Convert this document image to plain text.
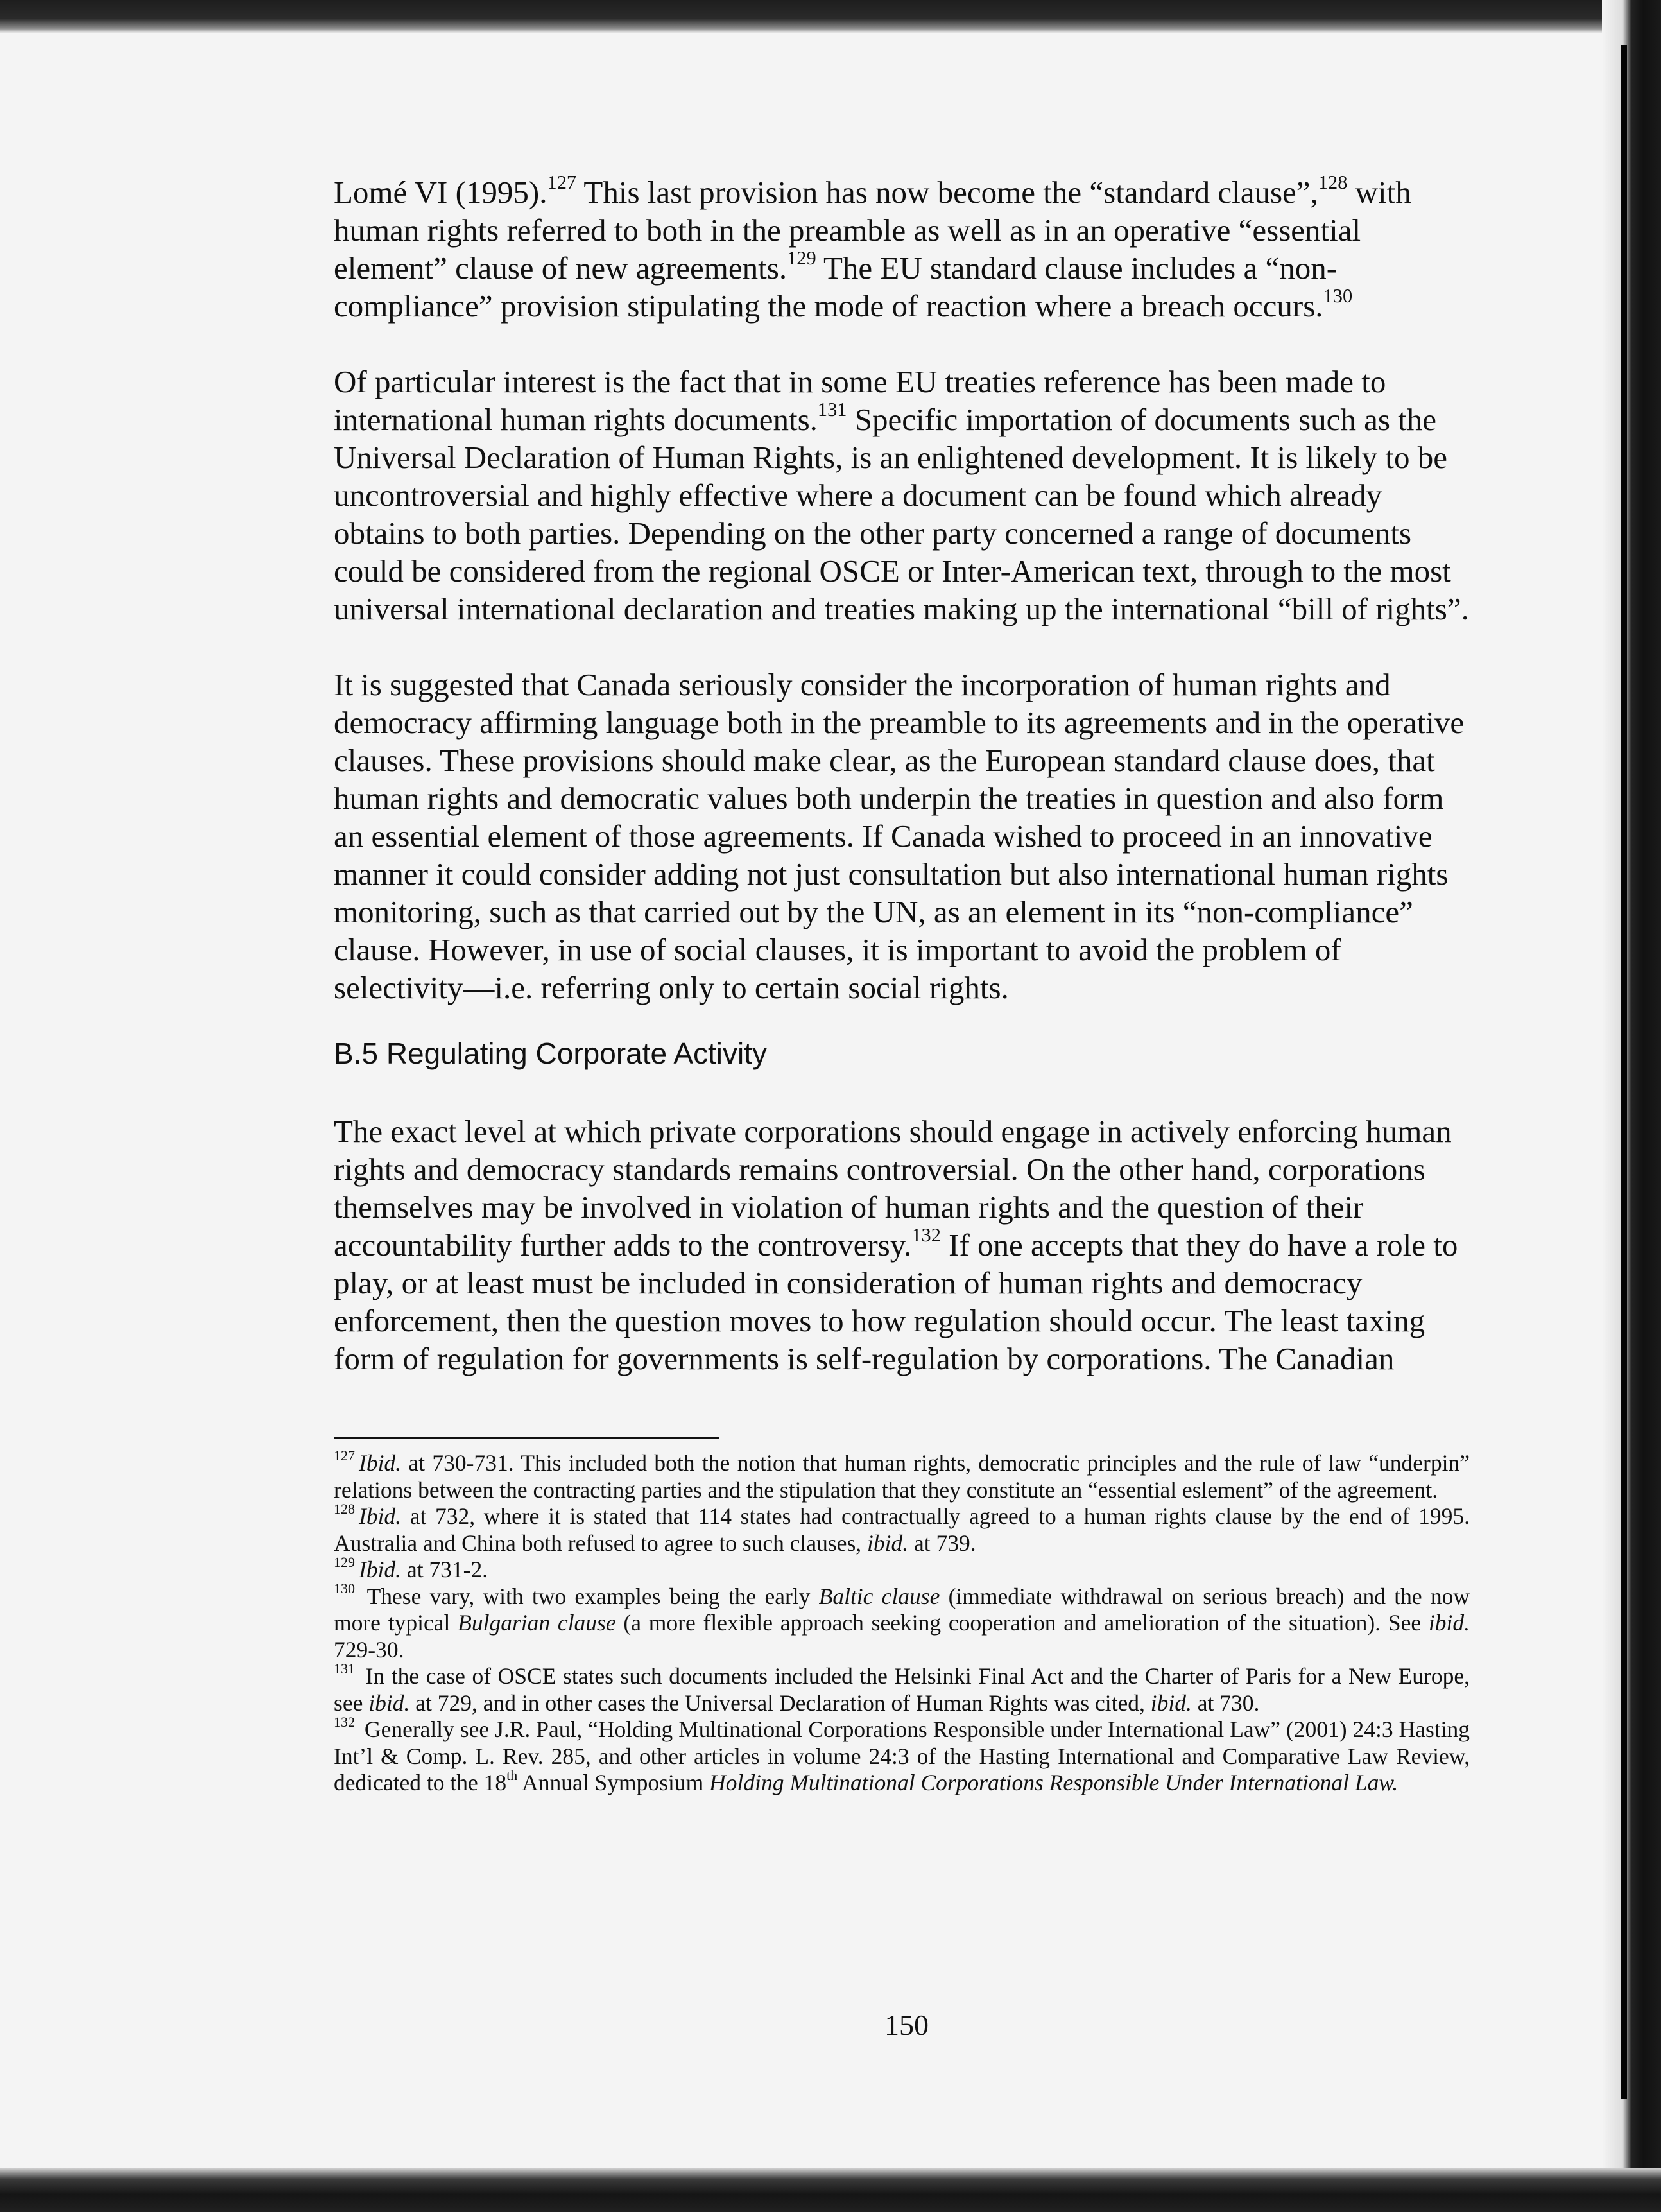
Lomé VI (1995).$^{127}$ This last provision has now become the “standard clause”,$^{128}$ with human rights referred to both in the preamble as well as in an operative “essential element” clause of new agreements.$^{129}$ The EU standard clause includes a “non-compliance” provision stipulating the mode of reaction where a breach occurs.$^{130}$

Of particular interest is the fact that in some EU treaties reference has been made to international human rights documents.$^{131}$ Specific importation of documents such as the Universal Declaration of Human Rights, is an enlightened development. It is likely to be uncontroversial and highly effective where a document can be found which already obtains to both parties. Depending on the other party concerned a range of documents could be considered from the regional OSCE or Inter-American text, through to the most universal international declaration and treaties making up the international “bill of rights”.

It is suggested that Canada seriously consider the incorporation of human rights and democracy affirming language both in the preamble to its agreements and in the operative clauses. These provisions should make clear, as the European standard clause does, that human rights and democratic values both underpin the treaties in question and also form an essential element of those agreements. If Canada wished to proceed in an innovative manner it could consider adding not just consultation but also international human rights monitoring, such as that carried out by the UN, as an element in its “non-compliance” clause. However, in use of social clauses, it is important to avoid the problem of selectivity—i.e. referring only to certain social rights.

B.5 Regulating Corporate Activity

The exact level at which private corporations should engage in actively enforcing human rights and democracy standards remains controversial. On the other hand, corporations themselves may be involved in violation of human rights and the question of their accountability further adds to the controversy.$^{132}$ If one accepts that they do have a role to play, or at least must be included in consideration of human rights and democracy enforcement, then the question moves to how regulation should occur. The least taxing form of regulation for governments is self-regulation by corporations. The Canadian

$^{127}$ Ibid. at 730-731. This included both the notion that human rights, democratic principles and the rule of law “underpin” relations between the contracting parties and the stipulation that they constitute an “essential eslement” of the agreement.

$^{128}$ Ibid. at 732, where it is stated that 114 states had contractually agreed to a human rights clause by the end of 1995. Australia and China both refused to agree to such clauses, ibid. at 739.

$^{129}$ Ibid. at 731-2.

$^{130}$ These vary, with two examples being the early Baltic clause (immediate withdrawal on serious breach) and the now more typical Bulgarian clause (a more flexible approach seeking cooperation and amelioration of the situation). See ibid. 729-30.

$^{131}$ In the case of OSCE states such documents included the Helsinki Final Act and the Charter of Paris for a New Europe, see ibid. at 729, and in other cases the Universal Declaration of Human Rights was cited, ibid. at 730.

$^{132}$ Generally see J.R. Paul, “Holding Multinational Corporations Responsible under International Law” (2001) 24:3 Hasting Int’l & Comp. L. Rev. 285, and other articles in volume 24:3 of the Hasting International and Comparative Law Review, dedicated to the 18th Annual Symposium Holding Multinational Corporations Responsible Under International Law.

150
